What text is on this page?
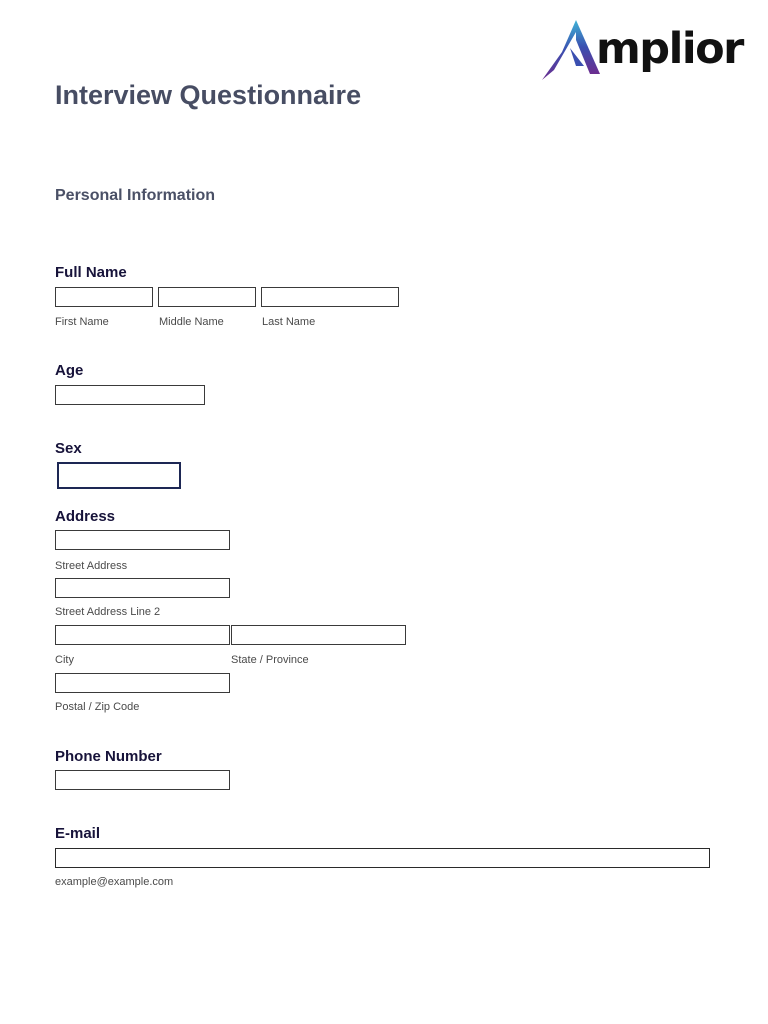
mplior
Interview Questionnaire
Personal Information
Full Name
First Name	Middle Name	Last Name
Age
Sex
Address
Street Address
Street Address Line 2
City	State / Province
Postal / Zip Code
Phone Number
E-mail
example@example.com
